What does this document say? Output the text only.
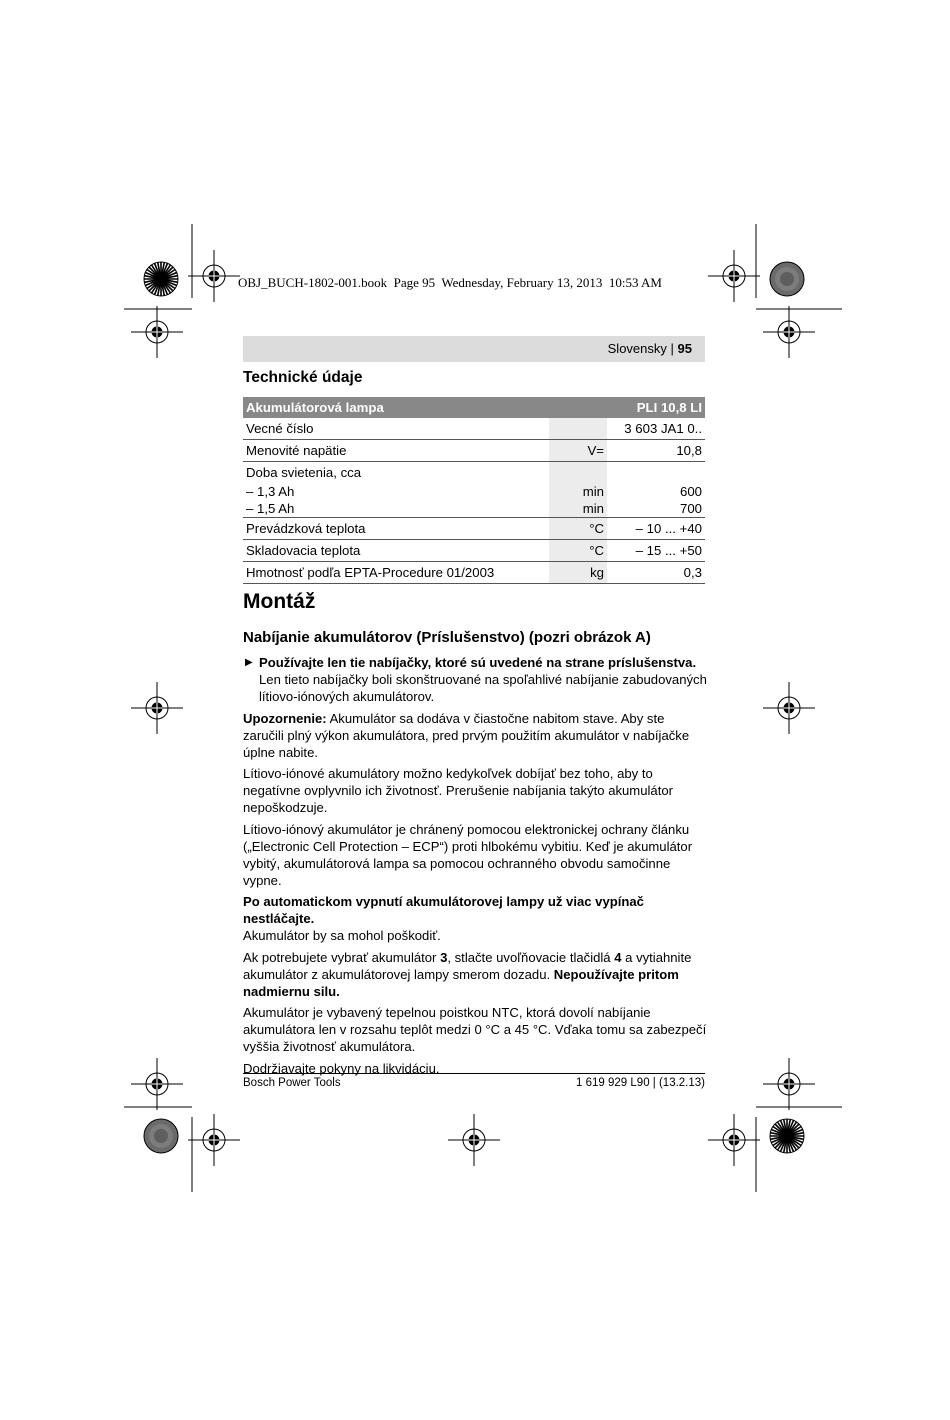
OBJ_BUCH-1802-001.book  Page 95  Wednesday, February 13, 2013  10:53 AM
Slovensky | 95
Technické údaje
Akumulátorová lampa		PLI 10,8 LI
Vecné číslo		3 603 JA1 0..
Menovité napätie	V=	10,8
Doba svietenia, cca		
– 1,3 Ah	min	600
– 1,5 Ah	min	700
Prevádzková teplota	°C	– 10 ... +40
Skladovacia teplota	°C	– 15 ... +50
Hmotnosť podľa EPTA-Procedure 01/2003	kg	0,3
Montáž
Nabíjanie akumulátorov (Príslušenstvo) (pozri obrázok A)

▶ Používajte len tie nabíjačky, ktoré sú uvedené na strane príslušenstva. Len tieto nabíjačky boli skonštruované na spoľahlivé nabíjanie zabudovaných lítiovo-iónových akumulátorov.

Upozornenie: Akumulátor sa dodáva v čiastočne nabitom stave. Aby ste zaručili plný výkon akumulátora, pred prvým použitím akumulátor v nabíjačke úplne nabite.

Lítiovo-iónové akumulátory možno kedykoľvek dobíjať bez toho, aby to negatívne ovplyvnilo ich životnosť. Prerušenie nabíjania takýto akumulátor nepoškodzuje.

Lítiovo-iónový akumulátor je chránený pomocou elektronickej ochrany článku („Electronic Cell Protection – ECP“) proti hlbokému vybitiu. Keď je akumulátor vybitý, akumulátorová lampa sa pomocou ochranného obvodu samočinne vypne.

Po automatickom vypnutí akumulátorovej lampy už viac vypínač nestláčajte.
Akumulátor by sa mohol poškodiť.

Ak potrebujete vybrať akumulátor 3, stlačte uvoľňovacie tlačidlá 4 a vytiahnite akumulátor z akumulátorovej lampy smerom dozadu. Nepoužívajte pritom nadmiernu silu.

Akumulátor je vybavený tepelnou poistkou NTC, ktorá dovolí nabíjanie akumulátora len v rozsahu teplôt medzi 0 °C a 45 °C. Vďaka tomu sa zabezpečí vyššia životnosť akumulátora.

Dodržiavajte pokyny na likvidáciu.

Bosch Power Tools	1 619 929 L90 | (13.2.13)
